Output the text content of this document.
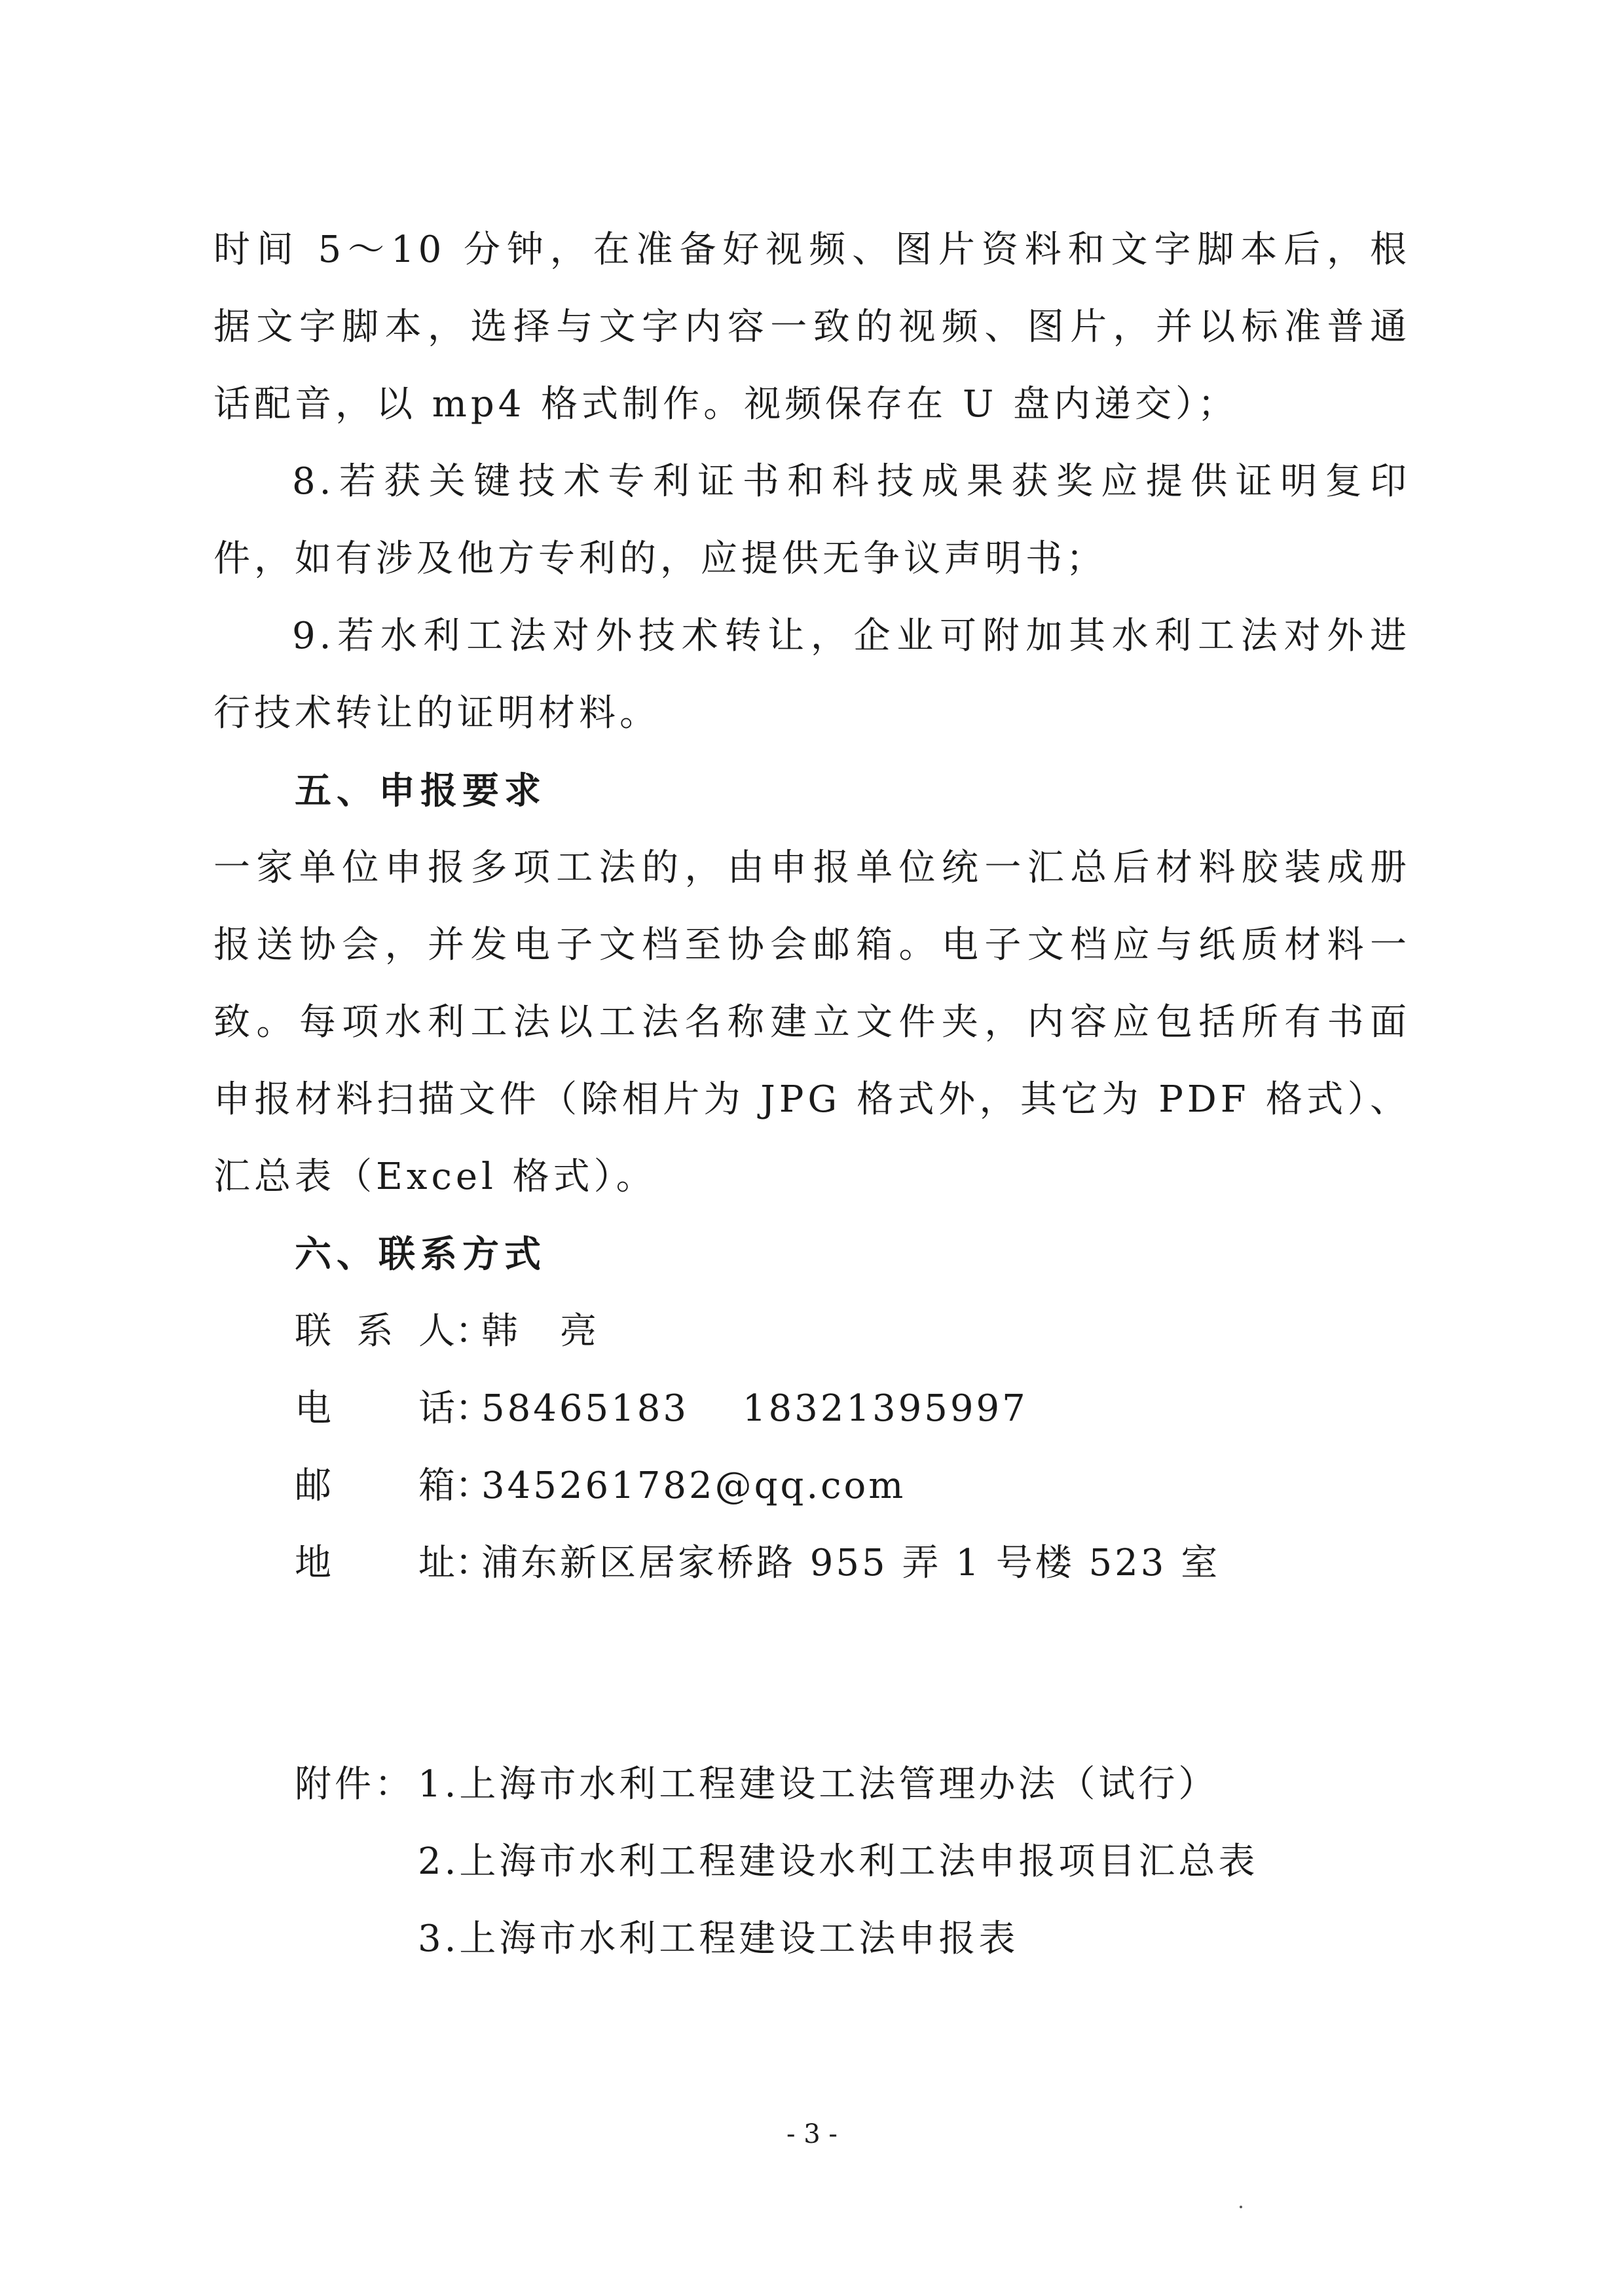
时间 5～10 分钟，在准备好视频、图片资料和文字脚本后，根
据文字脚本，选择与文字内容一致的视频、图片，并以标准普通
话配音，以 mp4 格式制作。视频保存在 U 盘内递交）；
8.若获关键技术专利证书和科技成果获奖应提供证明复印
件，如有涉及他方专利的，应提供无争议声明书；
9.若水利工法对外技术转让，企业可附加其水利工法对外进
行技术转让的证明材料。
五、申报要求
一家单位申报多项工法的，由申报单位统一汇总后材料胶装成册
报送协会，并发电子文档至协会邮箱。电子文档应与纸质材料一
致。每项水利工法以工法名称建立文件夹，内容应包括所有书面
申报材料扫描文件（除相片为 JPG 格式外，其它为 PDF 格式）、
汇总表（Excel 格式）。
六、联系方式
联系人：韩　亮
电话：58465183　 18321395997
邮箱：345261782@qq.com
地址：浦东新区居家桥路 955 弄 1 号楼 523 室
附件： 1.上海市水利工程建设工法管理办法（试行）
2.上海市水利工程建设水利工法申报项目汇总表
3.上海市水利工程建设工法申报表
- 3 -
